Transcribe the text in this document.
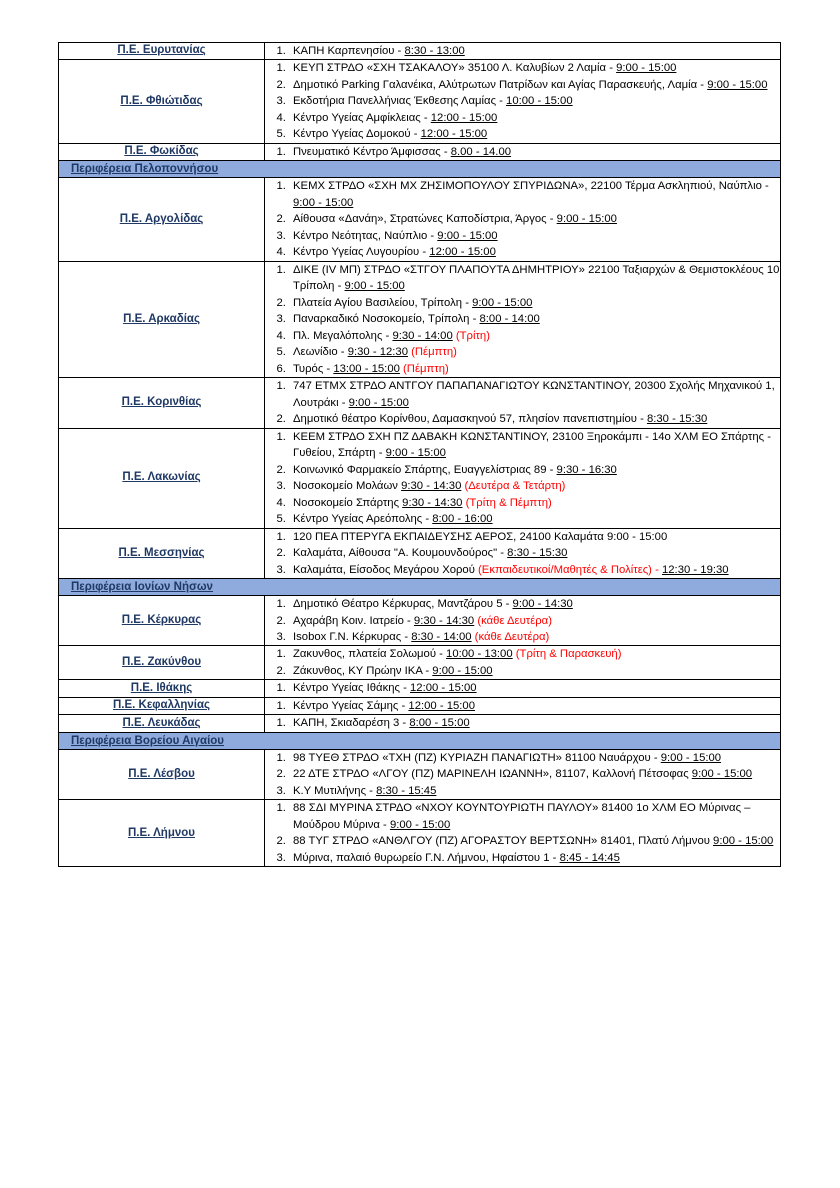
Π.Ε. Ευρυτανίας	
1.ΚΑΠΗ Καρπενησίου - 8:30 - 13:00

Π.Ε. Φθιώτιδας	
1. ΚΕΥΠ ΣΤΡΔΟ «ΣΧΗ ΤΣΑΚΑΛΟΥ» 35100 Λ. Καλυβίων 2 Λαμία - 9:00 - 15:00
2. Δημοτικό Parking Γαλανέικα, Αλύτρωτων Πατρίδων και Αγίας Παρασκευής, Λαμία - 9:00 - 15:00
3. Εκδοτήρια Πανελλήνιας Έκθεσης Λαμίας - 10:00 - 15:00
4. Κέντρο Υγείας Αμφίκλειας - 12:00 - 15:00
5. Κέντρο Υγείας Δομοκού - 12:00 - 15:00

Π.Ε. Φωκίδας	
1.Πνευματικό Κέντρο Άμφισσας - 8.00 - 14.00

Περιφέρεια Πελοποννήσου	
Π.Ε. Αργολίδας	
1. ΚΕΜΧ ΣΤΡΔΟ «ΣΧΗ ΜΧ ΖΗΣΙΜΟΠΟΥΛΟΥ ΣΠΥΡΙΔΩΝΑ», 22100 Τέρμα Ασκληπιού, Ναύπλιο - 9:00 - 15:00
2. Αίθουσα «Δανάη», Στρατώνες Καποδίστρια, Άργος - 9:00 - 15:00
3. Κέντρο Νεότητας, Ναύπλιο - 9:00 - 15:00
4. Κέντρο Υγείας Λυγουρίου - 12:00 - 15:00

Π.Ε. Αρκαδίας	
1. ΔΙΚΕ (IV ΜΠ) ΣΤΡΔΟ «ΣΤΓΟΥ ΠΛΑΠΟΥΤΑ ΔΗΜΗΤΡΙΟΥ» 22100 Ταξιαρχών & Θεμιστοκλέους 10 Τρίπολη - 9:00 - 15:00
2. Πλατεία Αγίου Βασιλείου, Τρίπολη - 9:00 - 15:00
3. Παναρκαδικό Νοσοκομείο, Τρίπολη - 8:00 - 14:00
4. Πλ. Μεγαλόπολης - 9:30 - 14:00 (Τρίτη)
5. Λεωνίδιο - 9:30 - 12:30 (Πέμπτη)
6. Τυρός - 13:00 - 15:00 (Πέμπτη)

Π.Ε. Κορινθίας	
1. 747 ΕΤΜΧ ΣΤΡΔΟ ΑΝΤΓΟΥ ΠΑΠΑΠΑΝΑΓΙΩΤΟΥ ΚΩΝΣΤΑΝΤΙΝΟΥ, 20300 Σχολής Μηχανικού 1, Λουτράκι - 9:00 - 15:00
2. Δημοτικό θέατρο Κορίνθου, Δαμασκηνού 57, πλησίον πανεπιστημίου - 8:30 - 15:30

Π.Ε. Λακωνίας	
1. ΚΕΕΜ ΣΤΡΔΟ ΣΧΗ ΠΖ ΔΑΒΑΚΗ ΚΩΝΣΤΑΝΤΙΝΟΥ, 23100 Ξηροκάμπι - 14ο ΧΛΜ ΕΟ Σπάρτης - Γυθείου, Σπάρτη - 9:00 - 15:00
2. Κοινωνικό Φαρμακείο Σπάρτης, Ευαγγελίστριας 89 - 9:30 - 16:30
3. Νοσοκομείο Μολάων 9:30 - 14:30 (Δευτέρα & Τετάρτη)
4. Νοσοκομείο Σπάρτης 9:30 - 14:30 (Τρίτη & Πέμπτη)
5. Κέντρο Υγείας Αρεόπολης - 8:00 - 16:00

Π.Ε. Μεσσηνίας	
1. 120 ΠΕΑ ΠΤΕΡΥΓΑ ΕΚΠΑΙΔΕΥΣΗΣ ΑΕΡΟΣ, 24100 Καλαμάτα 9:00 - 15:00
2. Καλαμάτα, Αίθουσα "Α. Κουμουνδούρος" - 8:30 - 15:30
3. Καλαμάτα, Είσοδος Μεγάρου Χορού (Εκπαιδευτικοί/Μαθητές & Πολίτες) - 12:30 - 19:30

Περιφέρεια Ιονίων Νήσων	
Π.Ε. Κέρκυρας	
1. Δημοτικό Θέατρο Κέρκυρας, Μαντζάρου 5 - 9:00 - 14:30
2. Αχαράβη Κοιν. Ιατρείο - 9:30 - 14:30 (κάθε Δευτέρα)
3. Isobox Γ.Ν. Κέρκυρας - 8:30 - 14:00 (κάθε Δευτέρα)

Π.Ε. Ζακύνθου	
1. Ζακυνθος, πλατεία Σολωμού - 10:00 - 13:00 (Τρίτη & Παρασκευή)
2. Ζάκυνθος, ΚΥ Πρώην ΙΚΑ - 9:00 - 15:00

Π.Ε. Ιθάκης	
1.Κέντρο Υγείας Ιθάκης - 12:00 - 15:00

Π.Ε. Κεφαλληνίας	
1.Κέντρο Υγείας Σάμης - 12:00 - 15:00

Π.Ε. Λευκάδας	
1.ΚΑΠΗ, Σκιαδαρέση 3 - 8:00 - 15:00

Περιφέρεια Βορείου Αιγαίου	
Π.Ε. Λέσβου	
1. 98 ΤΥΕΘ ΣΤΡΔΟ «ΤΧΗ (ΠΖ) ΚΥΡΙΑΖΗ ΠΑΝΑΓΙΩΤΗ» 81100 Ναυάρχου - 9:00 - 15:00
2. 22 ΔΤΕ ΣΤΡΔΟ «ΛΓΟΥ (ΠΖ) ΜΑΡΙΝΕΛΗ ΙΩΑΝΝΗ», 81107, Καλλονή Πέτσοφας 9:00 - 15:00
3. Κ.Υ Μυτιλήνης - 8:30 - 15:45

Π.Ε. Λήμνου	
1. 88 ΣΔΙ ΜΥΡΙΝΑ ΣΤΡΔΟ «ΝΧΟΥ ΚΟΥΝΤΟΥΡΙΩΤΗ ΠΑΥΛΟΥ» 81400 1ο ΧΛΜ ΕΟ Μύρινας – Μούδρου Μύρινα - 9:00 - 15:00
2. 88 ΤΥΓ ΣΤΡΔΟ «ΑΝΘΛΓΟΥ (ΠΖ) ΑΓΟΡΑΣΤΟΥ ΒΕΡΤΣΩΝΗ» 81401, Πλατύ Λήμνου 9:00 - 15:00
3. Μύρινα, παλαιό θυρωρείο Γ.Ν. Λήμνου, Ηφαίστου 1 - 8:45 - 14:45
